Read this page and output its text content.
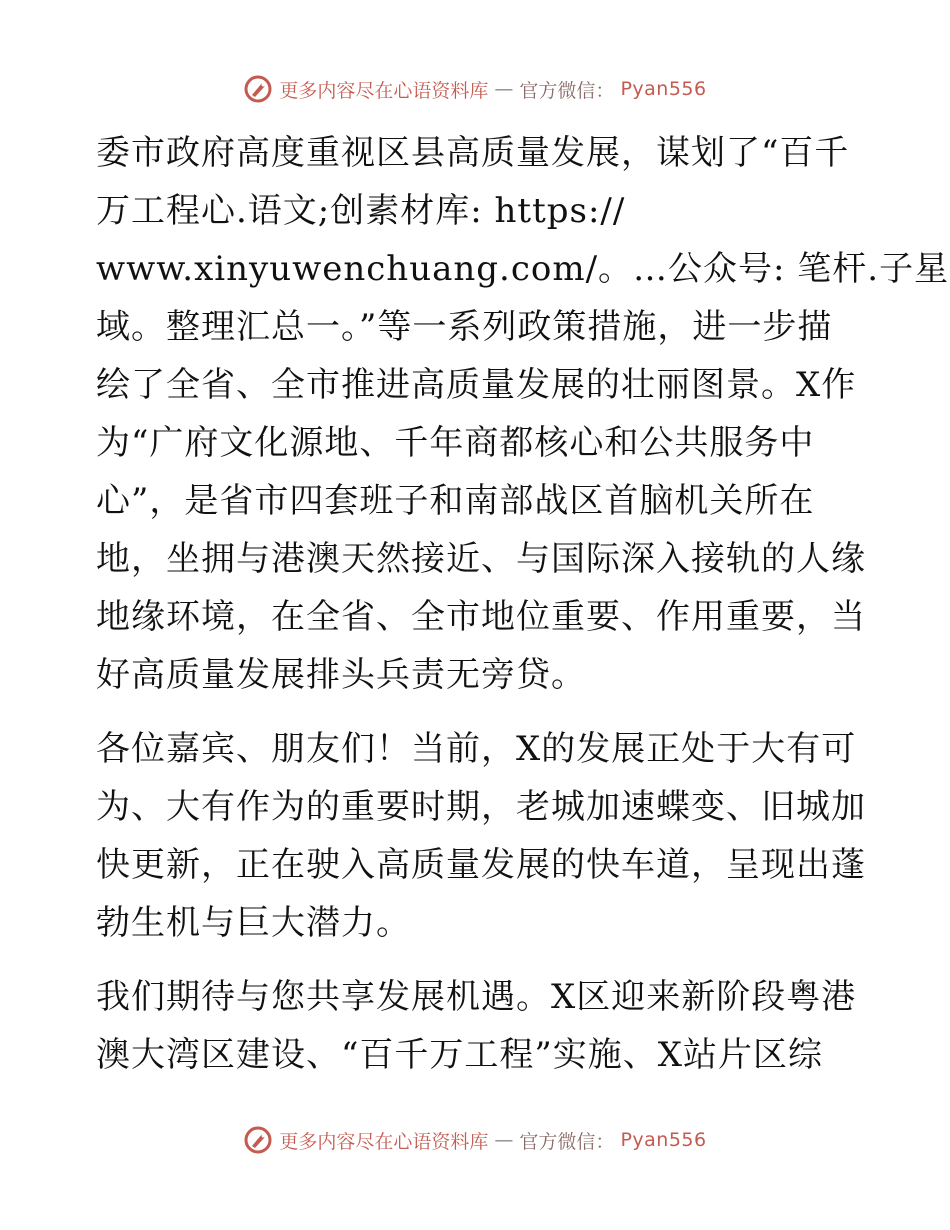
更多内容尽在心语资料库 — 官方微信： Pyan556
委市政府高度重视区县高质量发展，谋划了“百千
万工程心.语文;创素材库: https://
www.xinyuwenchuang.com/。…公众号: 笔杆.子星
域。整理汇总一。”等一系列政策措施，进一步描
绘了全省、全市推进高质量发展的壮丽图景。X作
为“广府文化源地、千年商都核心和公共服务中
心”，是省市四套班子和南部战区首脑机关所在
地，坐拥与港澳天然接近、与国际深入接轨的人缘
地缘环境，在全省、全市地位重要、作用重要，当
好高质量发展排头兵责无旁贷。
各位嘉宾、朋友们！当前，X的发展正处于大有可
为、大有作为的重要时期，老城加速蝶变、旧城加
快更新，正在驶入高质量发展的快车道，呈现出蓬
勃生机与巨大潜力。
我们期待与您共享发展机遇。X区迎来新阶段粤港
澳大湾区建设、“百千万工程”实施、X站片区综
更多内容尽在心语资料库 — 官方微信： Pyan556
